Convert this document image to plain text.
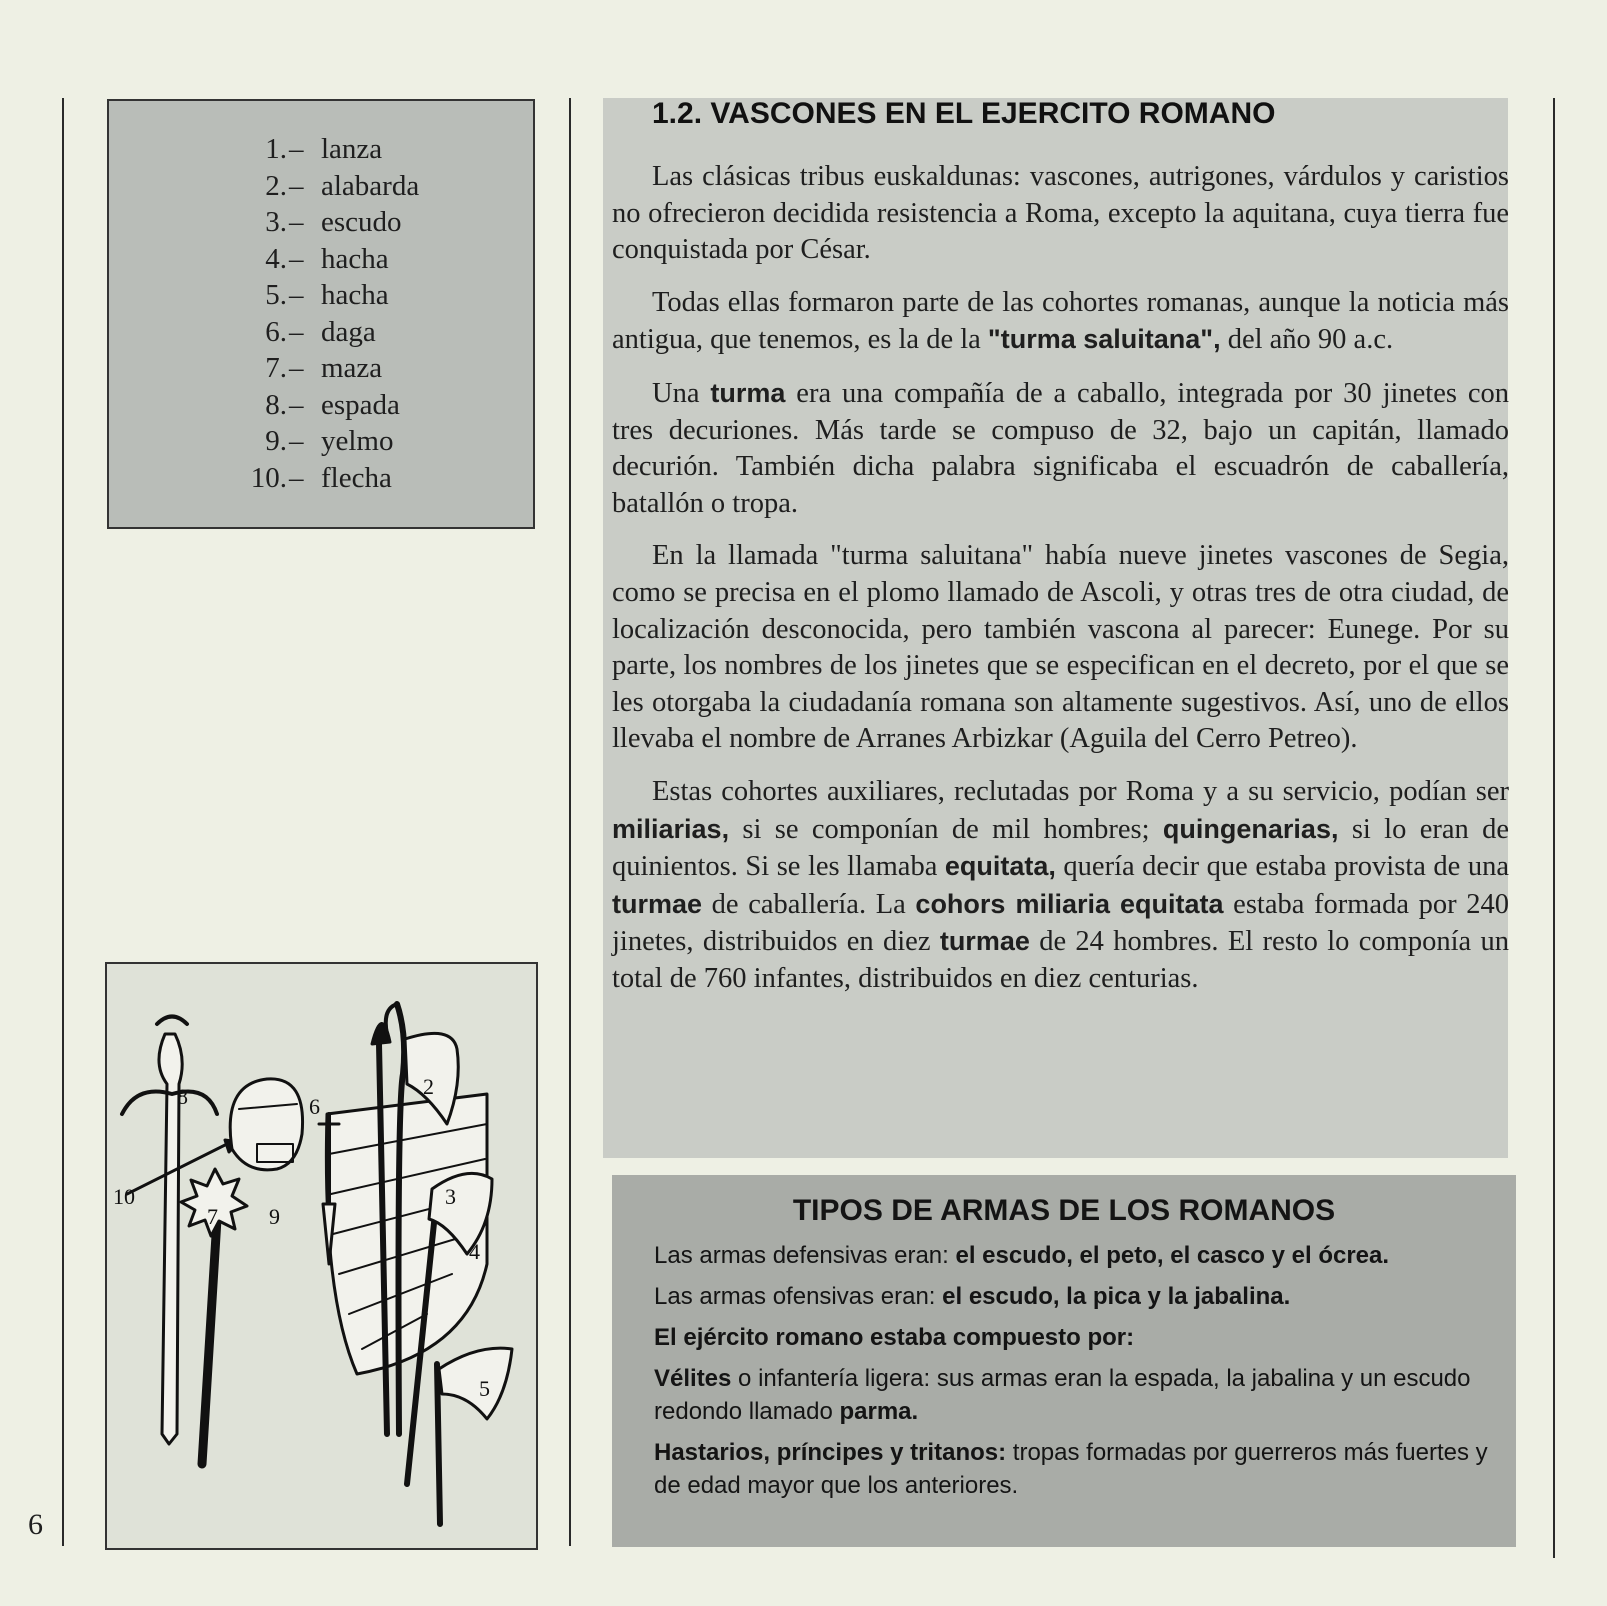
6
1. – lanza
2. – alabarda
3. – escudo
4. – hacha
5. – hacha
6. – daga
7. – maza
8. – espada
9. – yelmo
10. – flecha
2
3
4
5
6
7
8
9
10
1.2. VASCONES EN EL EJERCITO ROMANO

Las clásicas tribus euskaldunas: vascones, autrigones, várdulos y caristios no ofrecieron decidida resistencia a Roma, excepto la aquitana, cuya tierra fue conquistada por César.

Todas ellas formaron parte de las cohortes romanas, aunque la noticia más antigua, que tenemos, es la de la "turma saluitana", del año 90 a.c.

Una turma era una compañía de a caballo, integrada por 30 jinetes con tres decuriones. Más tarde se compuso de 32, bajo un capitán, llamado decurión. También dicha palabra significaba el escuadrón de caballería, batallón o tropa.

En la llamada "turma saluitana" había nueve jinetes vascones de Segia, como se precisa en el plomo llamado de Ascoli, y otras tres de otra ciudad, de localización desconocida, pero también vascona al parecer: Eunege. Por su parte, los nombres de los jinetes que se especifican en el decreto, por el que se les otorgaba la ciudadanía romana son altamente sugestivos. Así, uno de ellos llevaba el nombre de Arranes Arbizkar (Aguila del Cerro Petreo).

Estas cohortes auxiliares, reclutadas por Roma y a su servicio, podían ser miliarias, si se componían de mil hombres; quingenarias, si lo eran de quinientos. Si se les llamaba equitata, quería decir que estaba provista de una turmae de caballería. La cohors miliaria equitata estaba formada por 240 jinetes, distribuidos en diez turmae de 24 hombres. El resto lo componía un total de 760 infantes, distribuidos en diez centurias.

TIPOS DE ARMAS DE LOS ROMANOS

Las armas defensivas eran: el escudo, el peto, el casco y el ócrea.

Las armas ofensivas eran: el escudo, la pica y la jabalina.

El ejército romano estaba compuesto por:

Vélites o infantería ligera: sus armas eran la espada, la jabalina y un escudo redondo llamado parma.

Hastarios, príncipes y tritanos: tropas formadas por guerreros más fuertes y de edad mayor que los anteriores.
